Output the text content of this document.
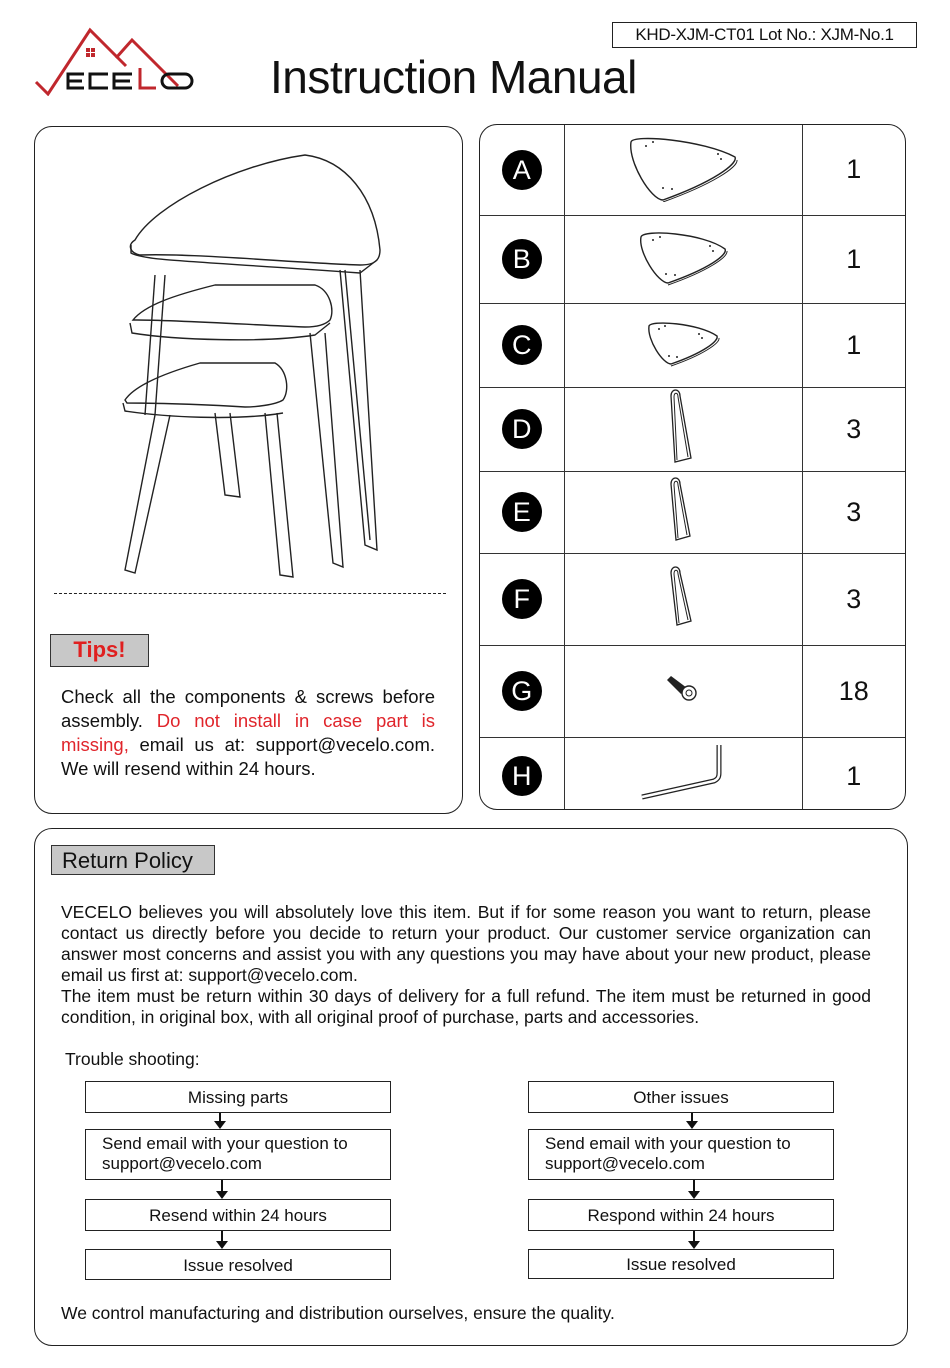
KHD-XJM-CT01 Lot No.: XJM-No.1
Instruction Manual
Tips!
Check all the components & screws before assembly. Do not install in case part is missing, email us at: support@vecelo.com. We will resend within 24 hours.
A		1
B		1
C		1
D		3
E		3
F		3
G		18
H		1
Return Policy
VECELO believes you will absolutely love this item. But if for some reason you want to return, please contact us directly before you decide to return your product. Our customer service organization can answer most concerns and assist you with any questions you may have about your new product, please email us first at: support@vecelo.com.
The item must be return within 30 days of delivery for a full refund. The item must be returned in good condition, in original box, with all original proof of purchase, parts and accessories.
Trouble shooting:
Missing parts
Send email with your question to support@vecelo.com
Resend within 24 hours
Issue resolved
Other issues
Send email with your question to support@vecelo.com
Respond within 24 hours
Issue resolved
We control manufacturing and distribution ourselves, ensure the quality.
